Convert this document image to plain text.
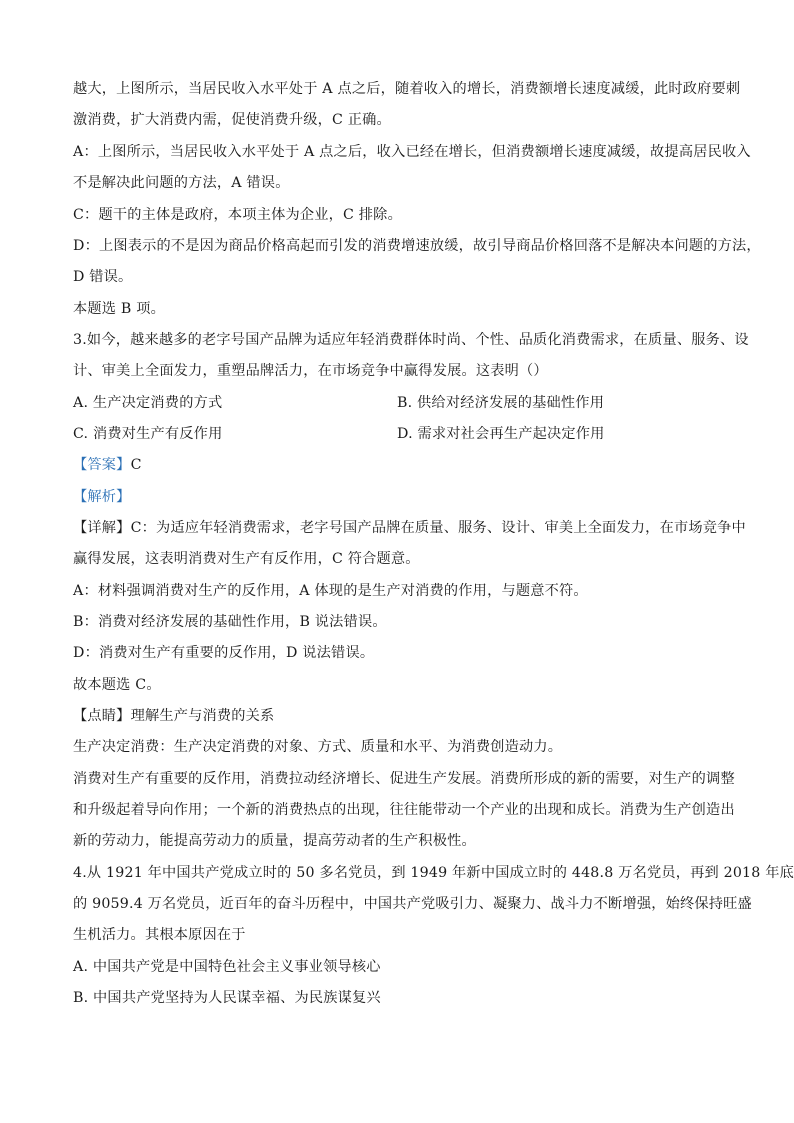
越大，上图所示，当居民收入水平处于 A 点之后，随着收入的增长，消费额增长速度减缓，此时政府要刺
激消费，扩大消费内需，促使消费升级，C 正确。
A：上图所示，当居民收入水平处于 A 点之后，收入已经在增长，但消费额增长速度减缓，故提高居民收入
不是解决此问题的方法，A 错误。
C：题干的主体是政府，本项主体为企业，C 排除。
D：上图表示的不是因为商品价格高起而引发的消费增速放缓，故引导商品价格回落不是解决本问题的方法，
D 错误。
本题选 B 项。
3.如今，越来越多的老字号国产品牌为适应年轻消费群体时尚、个性、品质化消费需求，在质量、服务、设
计、审美上全面发力，重塑品牌活力，在市场竞争中赢得发展。这表明（）
A. 生产决定消费的方式	B. 供给对经济发展的基础性作用
C. 消费对生产有反作用	D. 需求对社会再生产起决定作用
【答案】C
【解析】
【详解】C：为适应年轻消费需求，老字号国产品牌在质量、服务、设计、审美上全面发力，在市场竞争中
赢得发展，这表明消费对生产有反作用，C 符合题意。
A：材料强调消费对生产的反作用，A 体现的是生产对消费的作用，与题意不符。
B：消费对经济发展的基础性作用，B 说法错误。
D：消费对生产有重要的反作用，D 说法错误。
故本题选 C。
【点睛】理解生产与消费的关系
生产决定消费：生产决定消费的对象、方式、质量和水平、为消费创造动力。
消费对生产有重要的反作用，消费拉动经济增长、促进生产发展。消费所形成的新的需要，对生产的调整
和升级起着导向作用；一个新的消费热点的出现，往往能带动一个产业的出现和成长。消费为生产创造出
新的劳动力，能提高劳动力的质量，提高劳动者的生产积极性。
4.从 1921 年中国共产党成立时的 50 多名党员，到 1949 年新中国成立时的 448.8 万名党员，再到 2018 年底
的 9059.4 万名党员，近百年的奋斗历程中，中国共产党吸引力、凝聚力、战斗力不断增强，始终保持旺盛
生机活力。其根本原因在于
A. 中国共产党是中国特色社会主义事业领导核心
B. 中国共产党坚持为人民谋幸福、为民族谋复兴
